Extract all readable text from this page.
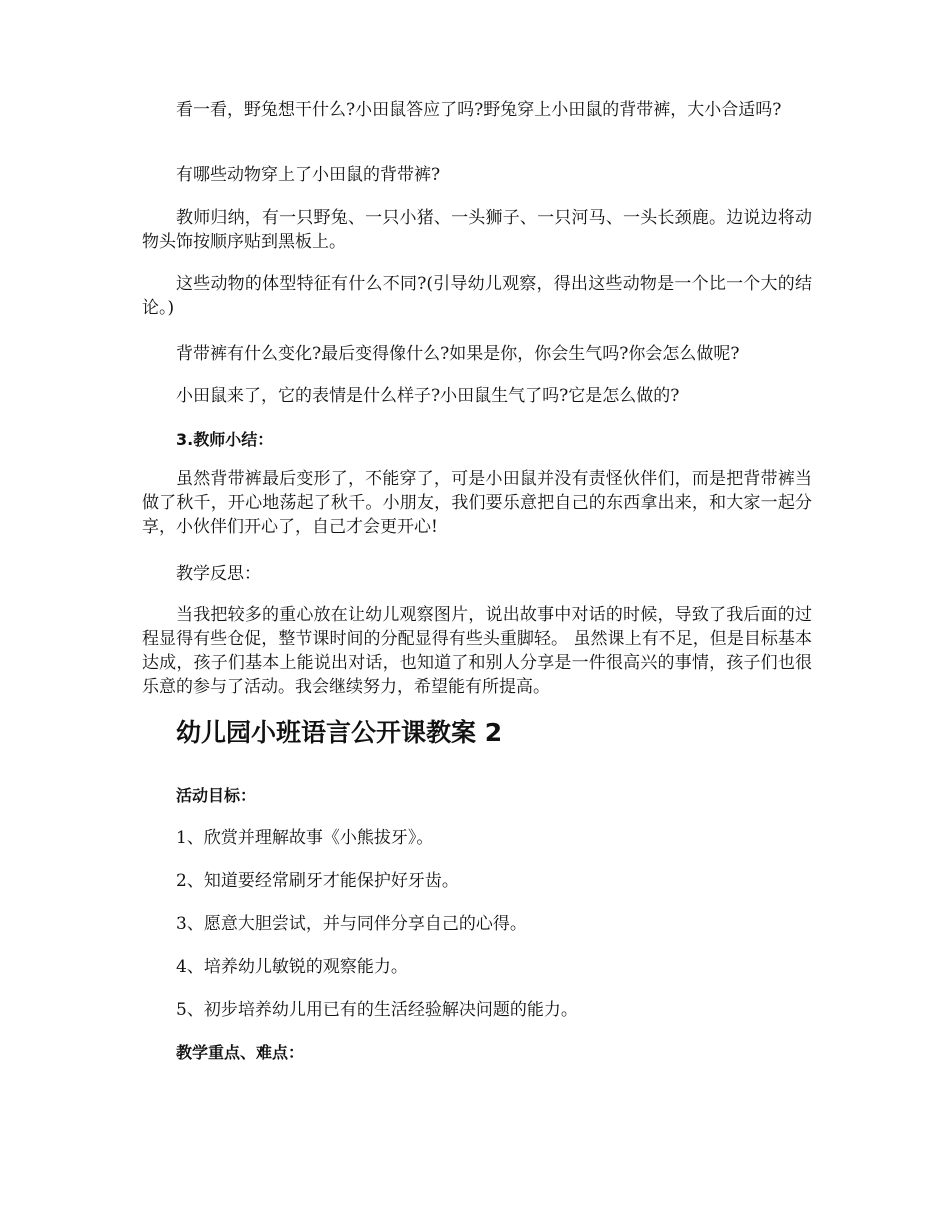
看一看，野兔想干什么?小田鼠答应了吗?野兔穿上小田鼠的背带裤，大小合适吗?

有哪些动物穿上了小田鼠的背带裤?

教师归纳，有一只野兔、一只小猪、一头狮子、一只河马、一头长颈鹿。边说边将动物头饰按顺序贴到黑板上。

这些动物的体型特征有什么不同?(引导幼儿观察，得出这些动物是一个比一个大的结论。)

背带裤有什么变化?最后变得像什么?如果是你，你会生气吗?你会怎么做呢?

小田鼠来了，它的表情是什么样子?小田鼠生气了吗?它是怎么做的?

3.教师小结：

虽然背带裤最后变形了，不能穿了，可是小田鼠并没有责怪伙伴们，而是把背带裤当做了秋千，开心地荡起了秋千。小朋友，我们要乐意把自己的东西拿出来，和大家一起分享，小伙伴们开心了，自己才会更开心!

教学反思：

当我把较多的重心放在让幼儿观察图片，说出故事中对话的时候，导致了我后面的过程显得有些仓促，整节课时间的分配显得有些头重脚轻。 虽然课上有不足，但是目标基本达成，孩子们基本上能说出对话，也知道了和别人分享是一件很高兴的事情，孩子们也很乐意的参与了活动。我会继续努力，希望能有所提高。

幼儿园小班语言公开课教案 2

活动目标：

1、欣赏并理解故事《小熊拔牙》。

2、知道要经常刷牙才能保护好牙齿。

3、愿意大胆尝试，并与同伴分享自己的心得。

4、培养幼儿敏锐的观察能力。

5、初步培养幼儿用已有的生活经验解决问题的能力。

教学重点、难点：
